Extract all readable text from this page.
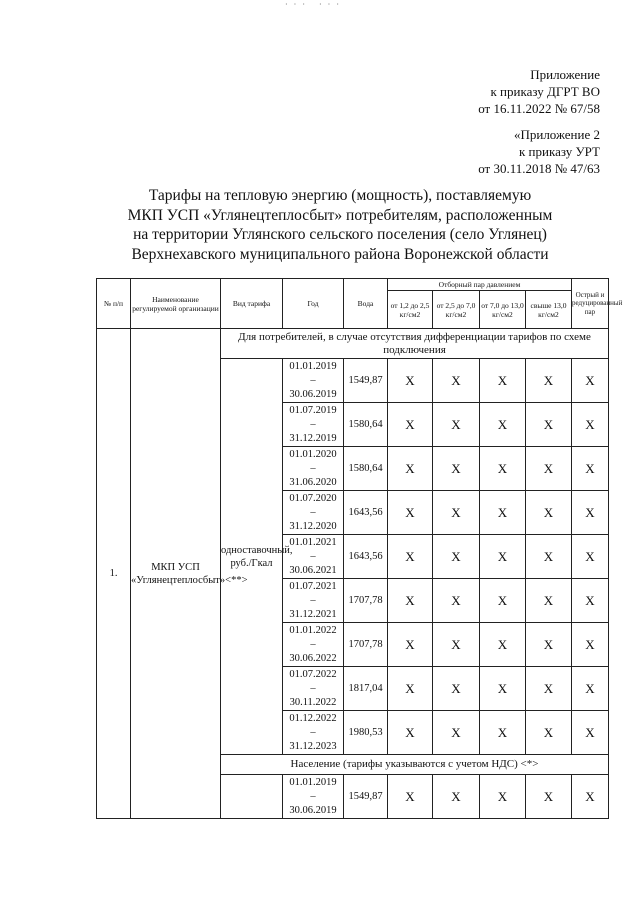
··· ···
Приложение
к приказу ДГРТ ВО
от 16.11.2022 № 67/58
«Приложение 2
к приказу УРТ
от 30.11.2018 № 47/63
Тарифы на тепловую энергию (мощность), поставляемую
МКП УСП «Углянецтеплосбыт» потребителям, расположенным
на территории Углянского сельского поселения (село Углянец)
Верхнехавского муниципального района Воронежской области
№ п/п	Наименование регулируемой организации	Вид тарифа	Год	Вода	Отборный пар давлением				Острый и редуцированный пар
					от 1,2 до 2,5 кг/см2	от 2,5 до 7,0 кг/см2	от 7,0 до 13,0 кг/см2	свыше 13,0 кг/см2	
1.	МКП УСП «Углянецтеплосбыт»<**>	Для потребителей, в случае отсутствия дифференциации тарифов по схеме подключения							
		одноставочный, руб./Гкал	01.01.2019
–
30.06.2019	1549,87	X	X	X	X	X

			01.07.2019
–
31.12.2019	1580,64	X	X	X	X	X

			01.01.2020
–
31.06.2020	1580,64	X	X	X	X	X

			01.07.2020
–
31.12.2020	1643,56	X	X	X	X	X

			01.01.2021
–
30.06.2021	1643,56	X	X	X	X	X

			01.07.2021
–
31.12.2021	1707,78	X	X	X	X	X

			01.01.2022
–
30.06.2022	1707,78	X	X	X	X	X

			01.07.2022
–
30.11.2022	1817,04	X	X	X	X	X

			01.12.2022
–
31.12.2023	1980,53	X	X	X	X	X
		Население (тарифы указываются с учетом НДС) <*>							

			01.01.2019
–
30.06.2019	1549,87	X	X	X	X	X
